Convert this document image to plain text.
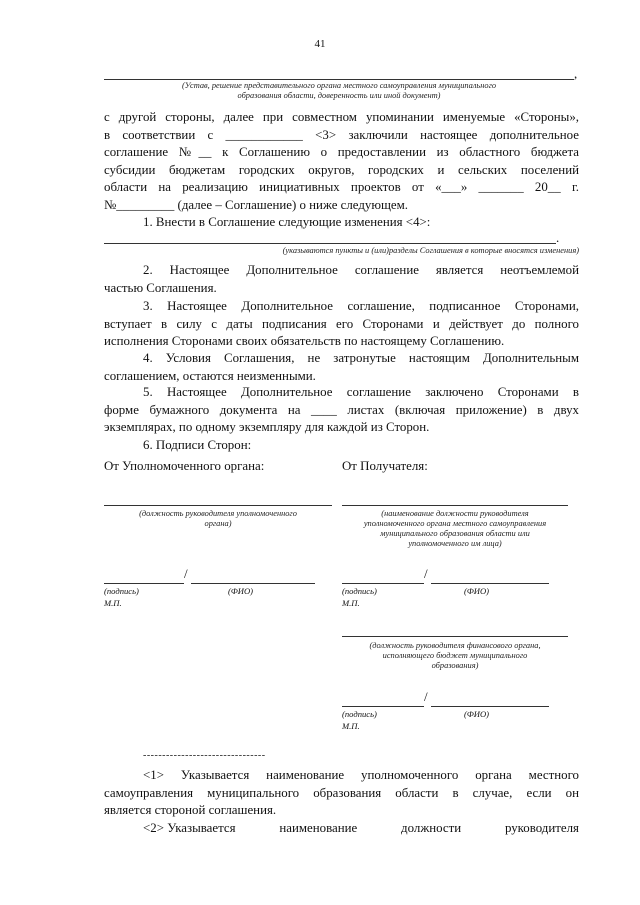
41
,
(Устав, решение представительного органа местного самоуправления муниципального
образования области, доверенность или иной документ)
с другой стороны, далее при совместном упоминании именуемые «Стороны»,
в соответствии с ____________ <3> заключили настоящее дополнительное
соглашение №__ к Соглашению о предоставлении из областного бюджета
субсидии бюджетам городских округов, городских и сельских поселений
области на реализацию инициативных проектов от «___» _______ 20__ г.
№_________ (далее – Соглашение) о ниже следующем.
1. Внести в Соглашение следующие изменения <4>:
.
(указываются пункты и (или)разделы Соглашения в которые вносятся изменения)
2. Настоящее Дополнительное соглашение является неотъемлемой
частью Соглашения.
3. Настоящее Дополнительное соглашение, подписанное Сторонами,
вступает в силу с даты подписания его Сторонами и действует до полного
исполнения Сторонами своих обязательств по настоящему Соглашению.
4. Условия Соглашения, не затронутые настоящим Дополнительным
соглашением, остаются неизменными.
5. Настоящее Дополнительное соглашение заключено Сторонами в
форме бумажного документа на ____ листах (включая приложение) в двух
экземплярах, по одному экземпляру для каждой из Сторон.
6. Подписи Сторон:
От Уполномоченного органа:	От Получателя:
(должность руководителя уполномоченного
органа)
/
(подпись)	(ФИО)
М.П.
(наименование должности руководителя
уполномоченного органа местного самоуправления
муниципального образования области или
уполномоченного им лица)
/
(подпись)	(ФИО)
М.П.
(должность руководителя финансового органа,
исполняющего бюджет муниципального
образования)
/
(подпись)	(ФИО)
М.П.
--------------------------------
<1> Указывается наименование уполномоченного органа местного
самоуправления муниципального образования области в случае, если он
является стороной соглашения.
<2> Указывается	наименование	должности	руководителя
